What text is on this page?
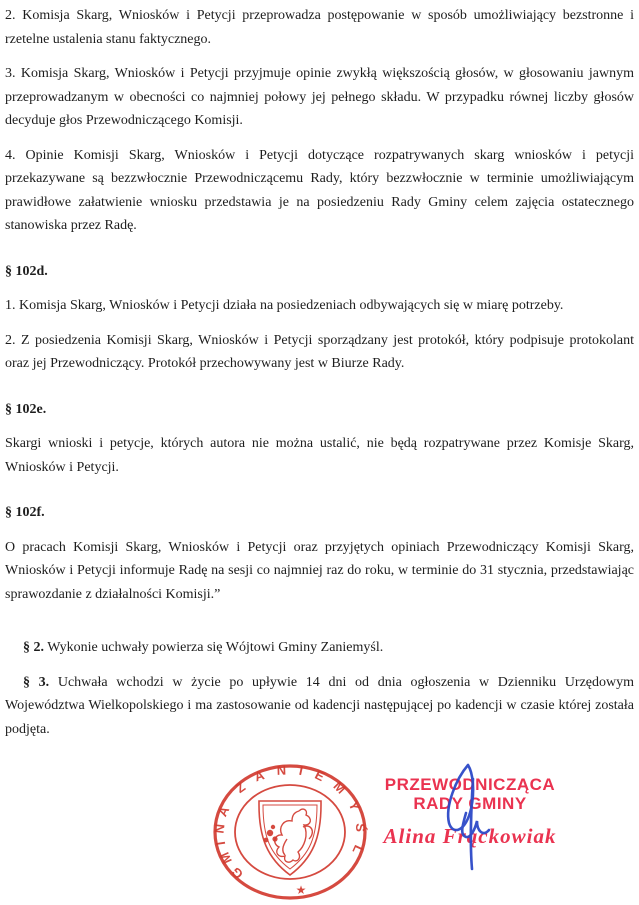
2. Komisja Skarg, Wniosków i Petycji przeprowadza postępowanie w sposób umożliwiający bezstronne i rzetelne ustalenia stanu faktycznego.

3. Komisja Skarg, Wniosków i Petycji przyjmuje opinie zwykłą większością głosów, w głosowaniu jawnym przeprowadzanym w obecności co najmniej połowy jej pełnego składu. W przypadku równej liczby głosów decyduje głos Przewodniczącego Komisji.

4. Opinie Komisji Skarg, Wniosków i Petycji dotyczące rozpatrywanych skarg wniosków i petycji przekazywane są bezzwłocznie Przewodniczącemu Rady, który bezzwłocznie w terminie umożliwiającym prawidłowe załatwienie wniosku przedstawia je na posiedzeniu Rady Gminy celem zajęcia ostatecznego stanowiska przez Radę.

§ 102d.

1. Komisja Skarg, Wniosków i Petycji działa na posiedzeniach odbywających się w miarę potrzeby.

2. Z posiedzenia Komisji Skarg, Wniosków i Petycji sporządzany jest protokół, który podpisuje protokolant oraz jej Przewodniczący. Protokół przechowywany jest w Biurze Rady.

§ 102e.

Skargi wnioski i petycje, których autora nie można ustalić, nie będą rozpatrywane przez Komisje Skarg, Wniosków i Petycji.

§ 102f.

O pracach Komisji Skarg, Wniosków i Petycji oraz przyjętych opiniach Przewodniczący Komisji Skarg, Wniosków i Petycji informuje Radę na sesji co najmniej raz do roku, w terminie do 31 stycznia, przedstawiając sprawozdanie z działalności Komisji.”

§ 2. Wykonie uchwały powierza się Wójtowi Gminy Zaniemyśl.

§ 3. Uchwała wchodzi w życie po upływie 14 dni od dnia ogłoszenia w Dzienniku Urzędowym Województwa Wielkopolskiego i ma zastosowanie od kadencji następującej po kadencji w czasie której została podjęta.

GMINA ZANIEMYŚL
★
PRZEWODNICZĄCA
RADY GMINY
Alina Frąckowiak
